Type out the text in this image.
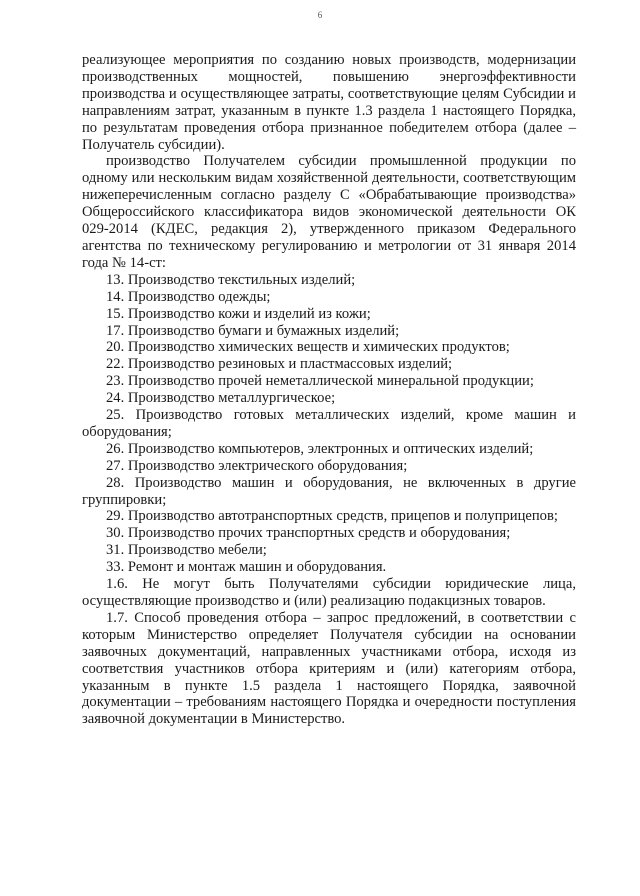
6

реализующее мероприятия по созданию новых производств, модернизации производственных мощностей, повышению энергоэффективности производства и осуществляющее затраты, соответствующие целям Субсидии и направлениям затрат, указанным в пункте 1.3 раздела 1 настоящего Порядка, по результатам проведения отбора признанное победителем отбора (далее – Получатель субсидии).

производство Получателем субсидии промышленной продукции по одному или нескольким видам хозяйственной деятельности, соответствующим нижеперечисленным согласно разделу С «Обрабатывающие производства» Общероссийского классификатора видов экономической деятельности ОК 029-2014 (КДЕС, редакция 2), утвержденного приказом Федерального агентства по техническому регулированию и метрологии от 31 января 2014 года № 14-ст:

13. Производство текстильных изделий;

14. Производство одежды;

15. Производство кожи и изделий из кожи;

17. Производство бумаги и бумажных изделий;

20. Производство химических веществ и химических продуктов;

22. Производство резиновых и пластмассовых изделий;

23. Производство прочей неметаллической минеральной продукции;

24. Производство металлургическое;

25. Производство готовых металлических изделий, кроме машин и оборудования;

26. Производство компьютеров, электронных и оптических изделий;

27. Производство электрического оборудования;

28. Производство машин и оборудования, не включенных в другие группировки;

29. Производство автотранспортных средств, прицепов и полуприцепов;

30. Производство прочих транспортных средств и оборудования;

31. Производство мебели;

33. Ремонт и монтаж машин и оборудования.

1.6. Не могут быть Получателями субсидии юридические лица, осуществляющие производство и (или) реализацию подакцизных товаров.

1.7. Способ проведения отбора – запрос предложений, в соответствии с которым Министерство определяет Получателя субсидии на основании заявочных документаций, направленных участниками отбора, исходя из соответствия участников отбора критериям и (или) категориям отбора, указанным в пункте 1.5 раздела 1 настоящего Порядка, заявочной документации – требованиям настоящего Порядка и очередности поступления заявочной документации в Министерство.
